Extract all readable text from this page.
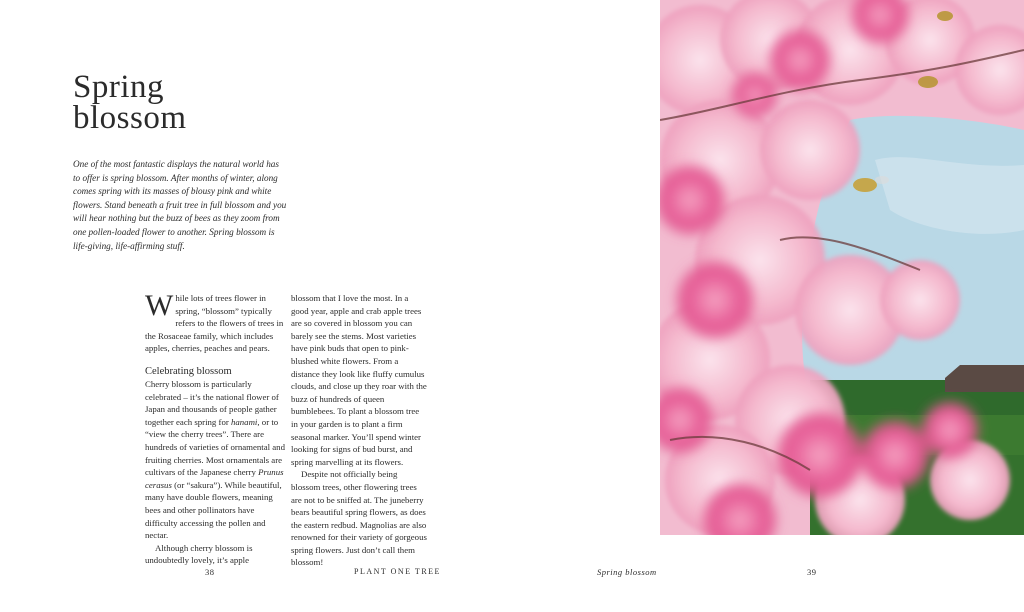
Spring
blossom

One of the most fantastic displays the natural world has to offer is spring blossom. After months of winter, along comes spring with its masses of blousy pink and white flowers. Stand beneath a fruit tree in full blossom and you will hear nothing but the buzz of bees as they zoom from one pollen-loaded flower to another. Spring blossom is life-giving, life-affirming stuff.

While lots of trees flower in spring, “blossom” typically refers to the flowers of trees in the Rosaceae family, which includes apples, cherries, peaches and pears.

Celebrating blossom

Cherry blossom is particularly celebrated – it’s the national flower of Japan and thousands of people gather together each spring for hanami, or to “view the cherry trees”. There are hundreds of varieties of ornamental and fruiting cherries. Most ornamentals are cultivars of the Japanese cherry Prunus cerasus (or “sakura”). While beautiful, many have double flowers, meaning bees and other pollinators have difficulty accessing the pollen and nectar.

Although cherry blossom is undoubtedly lovely, it’s apple

blossom that I love the most. In a good year, apple and crab apple trees are so covered in blossom you can barely see the stems. Most varieties have pink buds that open to pink-blushed white flowers. From a distance they look like fluffy cumulus clouds, and close up they roar with the buzz of hundreds of queen bumblebees. To plant a blossom tree in your garden is to plant a firm seasonal marker. You’ll spend winter looking for signs of bud burst, and spring marvelling at its flowers.

Despite not officially being blossom trees, other flowering trees are not to be sniffed at. The juneberry bears beautiful spring flowers, as does the eastern redbud. Magnolias are also renowned for their variety of gorgeous spring flowers. Just don’t call them blossom!

38	PLANT ONE TREE	Spring blossom	39
